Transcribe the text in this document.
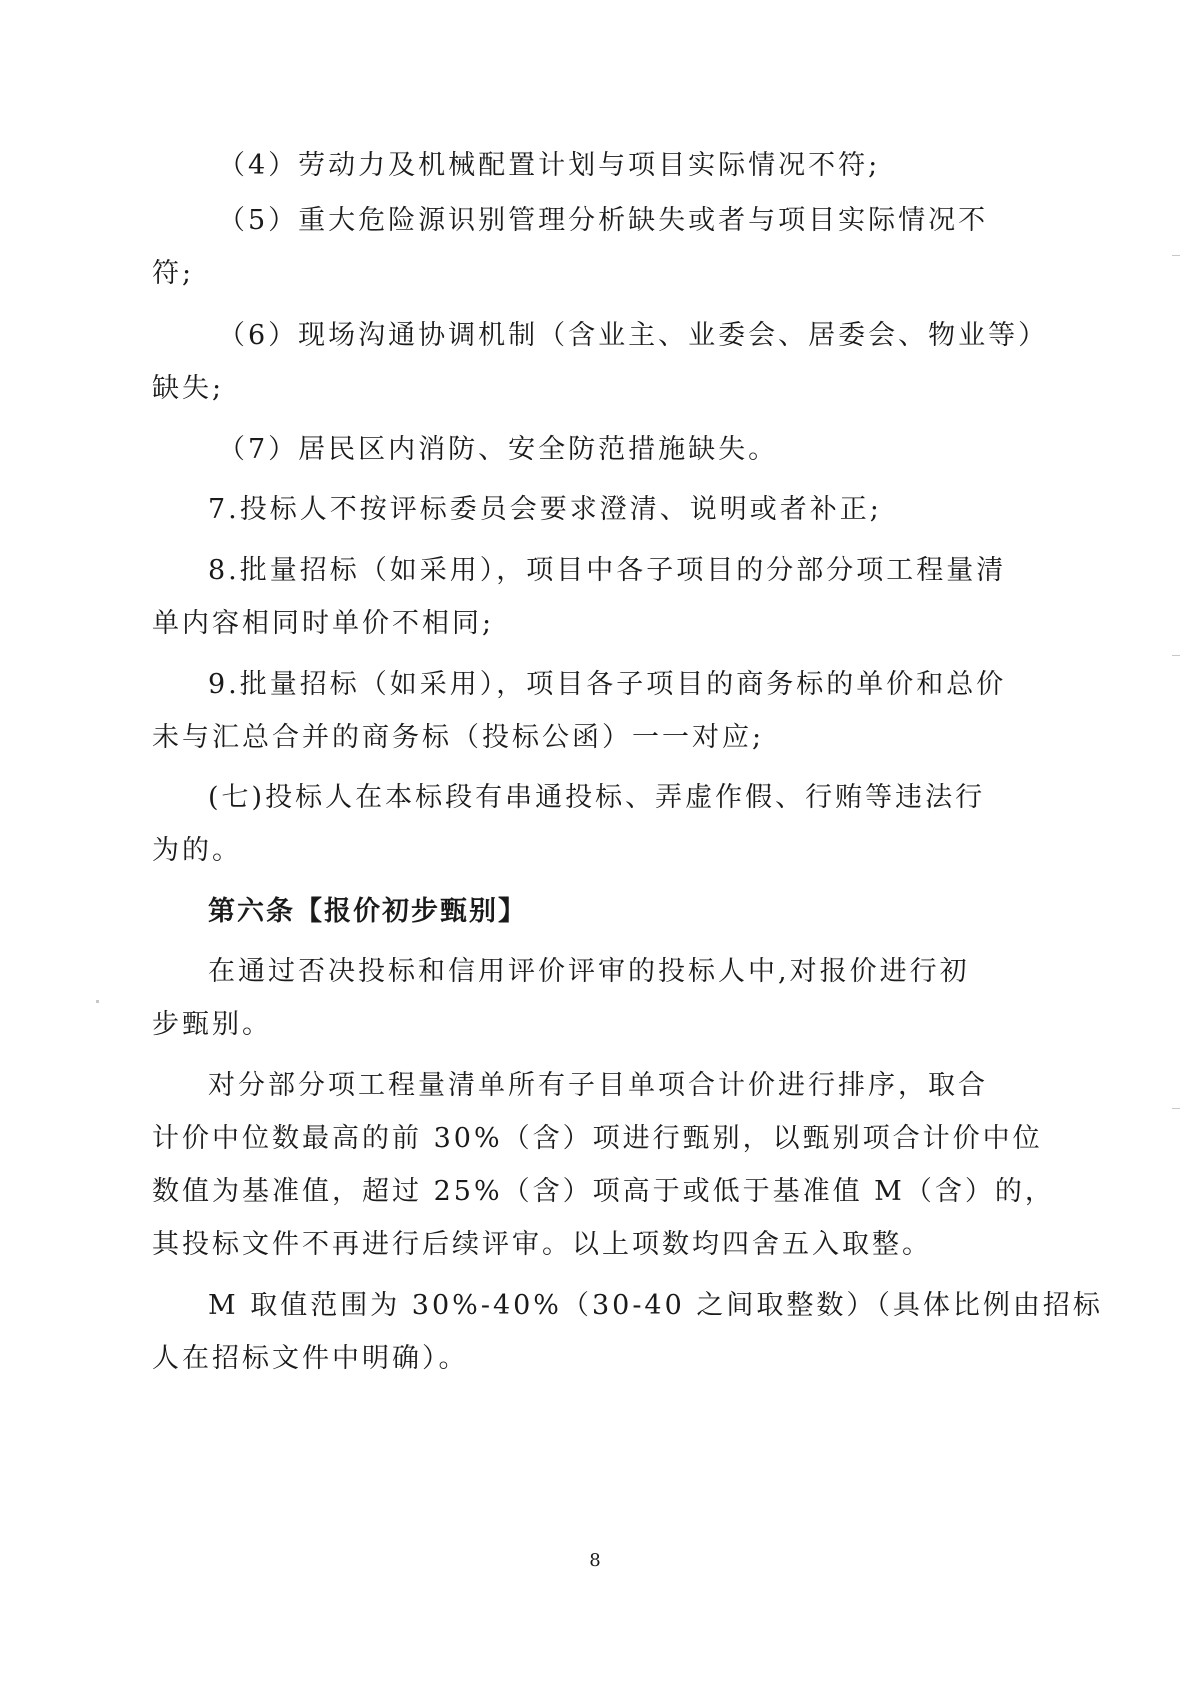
（4）劳动力及机械配置计划与项目实际情况不符;
（5）重大危险源识别管理分析缺失或者与项目实际情况不
符;
（6）现场沟通协调机制（含业主、业委会、居委会、物业等）
缺失;
（7）居民区内消防、安全防范措施缺失。
7.投标人不按评标委员会要求澄清、说明或者补正;
8.批量招标（如采用），项目中各子项目的分部分项工程量清
单内容相同时单价不相同;
9.批量招标（如采用），项目各子项目的商务标的单价和总价
未与汇总合并的商务标（投标公函）一一对应;
(七)投标人在本标段有串通投标、弄虚作假、行贿等违法行
为的。
第六条【报价初步甄别】
在通过否决投标和信用评价评审的投标人中,对报价进行初
步甄别。
对分部分项工程量清单所有子目单项合计价进行排序，取合
计价中位数最高的前 30%（含）项进行甄别，以甄别项合计价中位
数值为基准值，超过 25%（含）项高于或低于基准值 M（含）的，
其投标文件不再进行后续评审。以上项数均四舍五入取整。
M 取值范围为 30%-40%（30-40 之间取整数）（具体比例由招标
人在招标文件中明确）。
8
